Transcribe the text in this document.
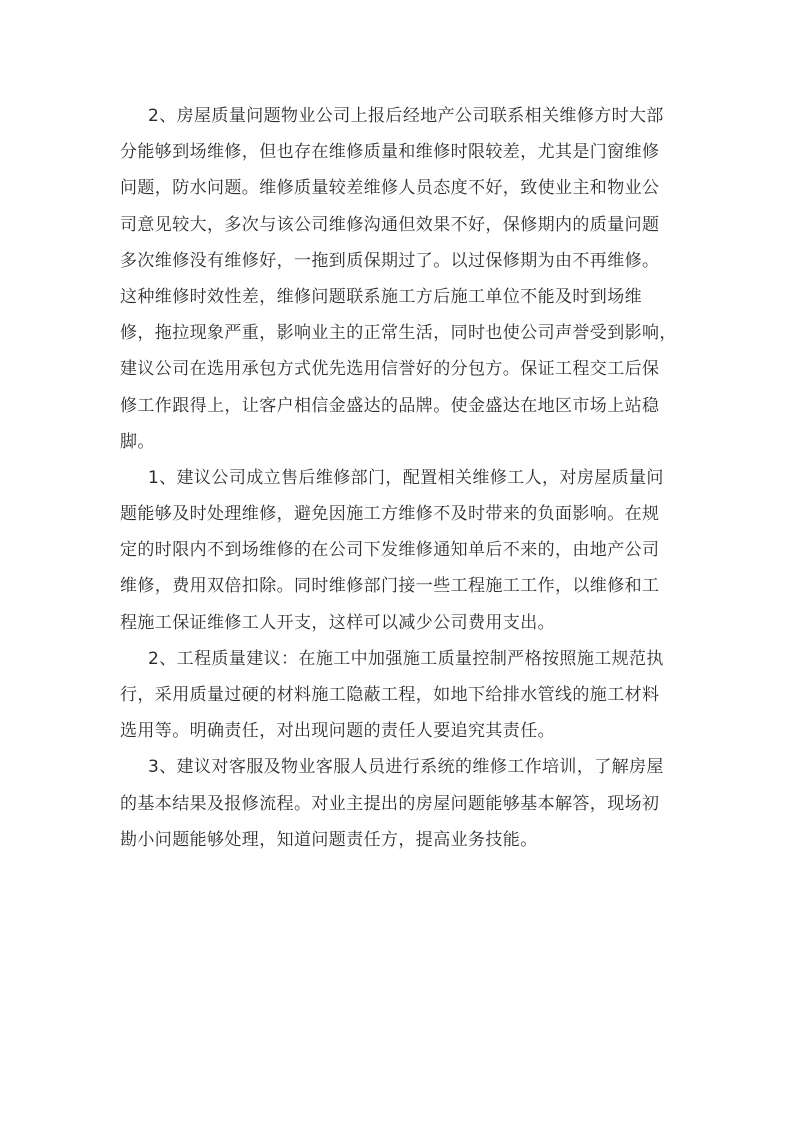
2、房屋质量问题物业公司上报后经地产公司联系相关维修方时大部
分能够到场维修，但也存在维修质量和维修时限较差，尤其是门窗维修
问题，防水问题。维修质量较差维修人员态度不好，致使业主和物业公
司意见较大，多次与该公司维修沟通但效果不好，保修期内的质量问题
多次维修没有维修好，一拖到质保期过了。以过保修期为由不再维修。
这种维修时效性差，维修问题联系施工方后施工单位不能及时到场维
修，拖拉现象严重，影响业主的正常生活，同时也使公司声誉受到影响，
建议公司在选用承包方式优先选用信誉好的分包方。保证工程交工后保
修工作跟得上，让客户相信金盛达的品牌。使金盛达在地区市场上站稳
脚。
1、建议公司成立售后维修部门，配置相关维修工人，对房屋质量问
题能够及时处理维修，避免因施工方维修不及时带来的负面影响。在规
定的时限内不到场维修的在公司下发维修通知单后不来的，由地产公司
维修，费用双倍扣除。同时维修部门接一些工程施工工作，以维修和工
程施工保证维修工人开支，这样可以减少公司费用支出。
2、工程质量建议：在施工中加强施工质量控制严格按照施工规范执
行，采用质量过硬的材料施工隐蔽工程，如地下给排水管线的施工材料
选用等。明确责任，对出现问题的责任人要追究其责任。
3、建议对客服及物业客服人员进行系统的维修工作培训，了解房屋
的基本结果及报修流程。对业主提出的房屋问题能够基本解答，现场初
勘小问题能够处理，知道问题责任方，提高业务技能。
